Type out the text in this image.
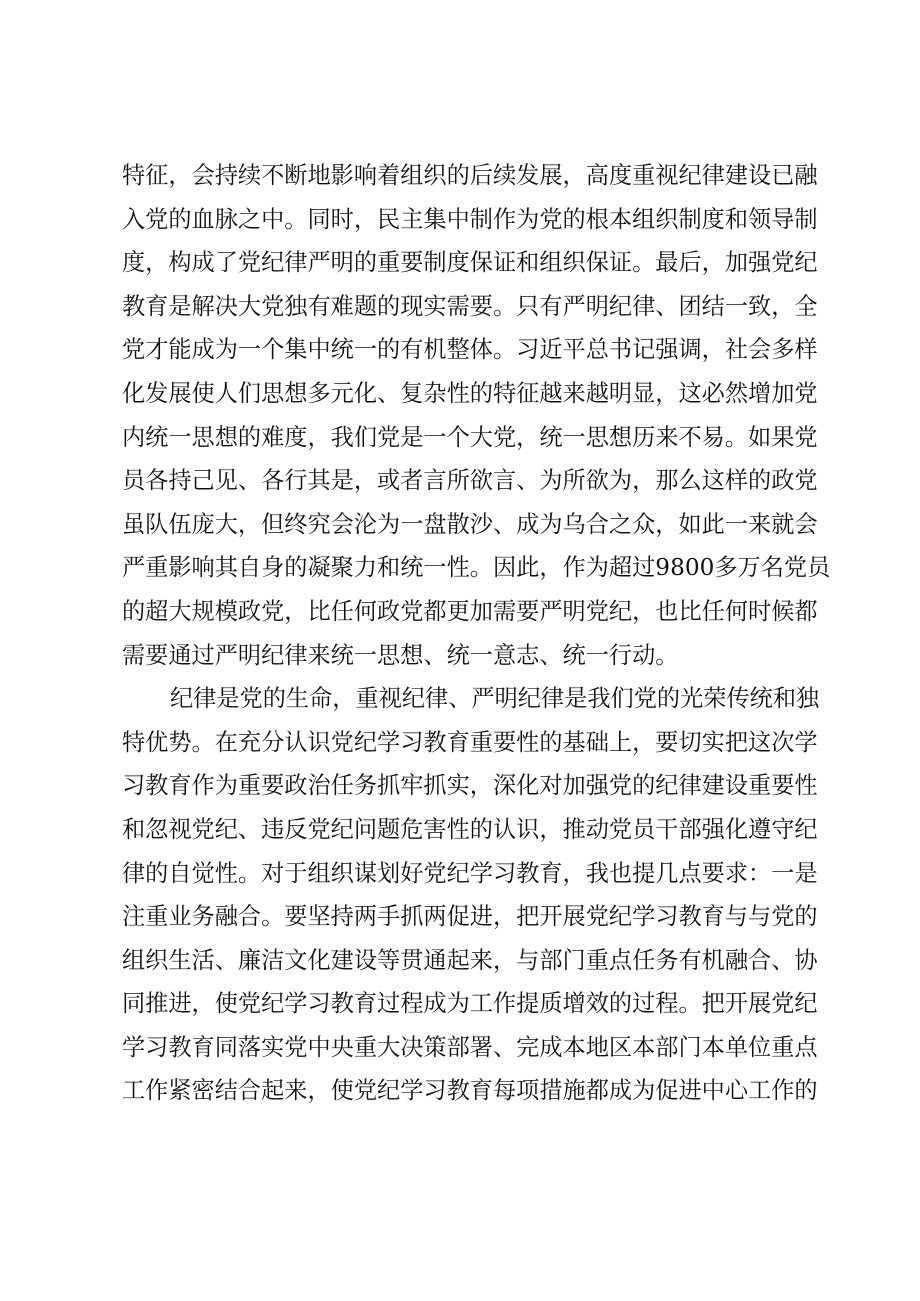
特征，会持续不断地影响着组织的后续发展，高度重视纪律建设已融
入党的血脉之中。同时，民主集中制作为党的根本组织制度和领导制
度，构成了党纪律严明的重要制度保证和组织保证。最后，加强党纪
教育是解决大党独有难题的现实需要。只有严明纪律、团结一致，全
党才能成为一个集中统一的有机整体。习近平总书记强调，社会多样
化发展使人们思想多元化、复杂性的特征越来越明显，这必然增加党
内统一思想的难度，我们党是一个大党，统一思想历来不易。如果党
员各持己见、各行其是，或者言所欲言、为所欲为，那么这样的政党
虽队伍庞大，但终究会沦为一盘散沙、成为乌合之众，如此一来就会
严重影响其自身的凝聚力和统一性。因此，作为超过9800多万名党员
的超大规模政党，比任何政党都更加需要严明党纪，也比任何时候都
需要通过严明纪律来统一思想、统一意志、统一行动。
纪律是党的生命，重视纪律、严明纪律是我们党的光荣传统和独
特优势。在充分认识党纪学习教育重要性的基础上，要切实把这次学
习教育作为重要政治任务抓牢抓实，深化对加强党的纪律建设重要性
和忽视党纪、违反党纪问题危害性的认识，推动党员干部强化遵守纪
律的自觉性。对于组织谋划好党纪学习教育，我也提几点要求：一是
注重业务融合。要坚持两手抓两促进，把开展党纪学习教育与与党的
组织生活、廉洁文化建设等贯通起来，与部门重点任务有机融合、协
同推进，使党纪学习教育过程成为工作提质增效的过程。把开展党纪
学习教育同落实党中央重大决策部署、完成本地区本部门本单位重点
工作紧密结合起来，使党纪学习教育每项措施都成为促进中心工作的
